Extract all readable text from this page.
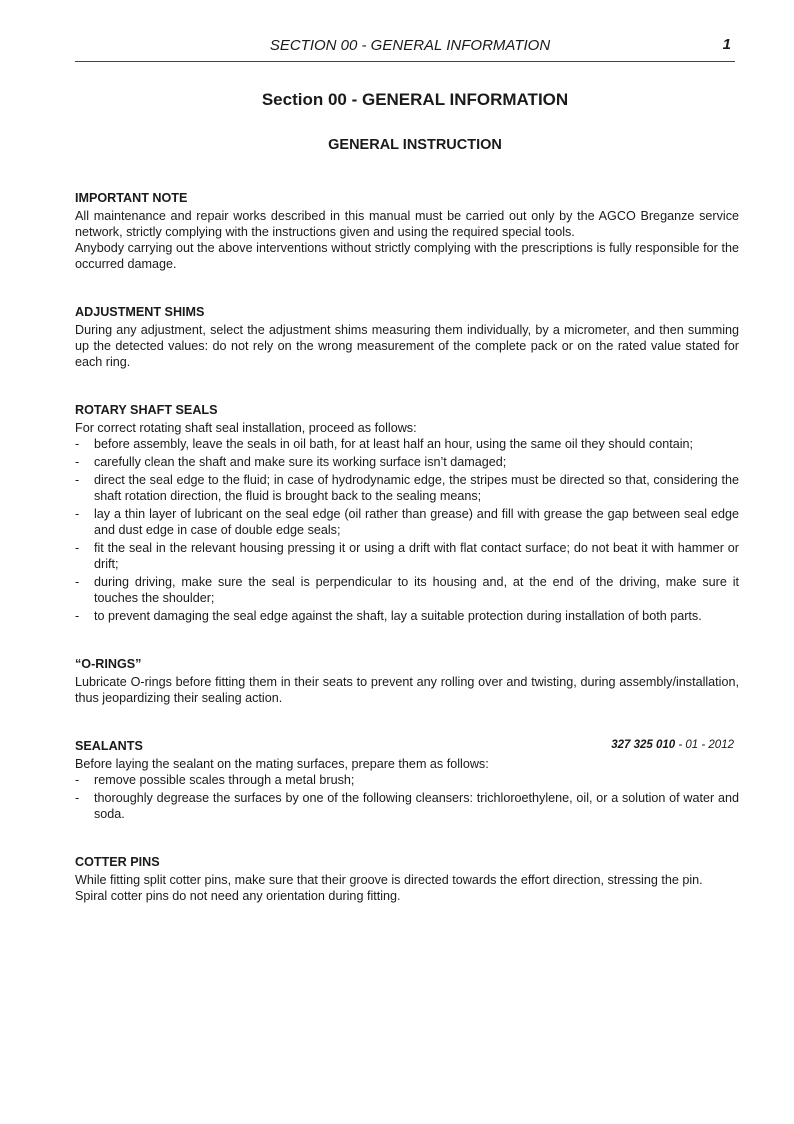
SECTION 00 - GENERAL INFORMATION	1
Section 00 - GENERAL INFORMATION
GENERAL INSTRUCTION
IMPORTANT NOTE

All maintenance and repair works described in this manual must be carried out only by the AGCO Breganze service network, strictly complying with the instructions given and using the required special tools.

Anybody carrying out the above interventions without strictly complying with the prescriptions is fully responsible for the occurred damage.

ADJUSTMENT SHIMS

During any adjustment, select the adjustment shims measuring them individually, by a micrometer, and then summing up the detected values: do not rely on the wrong measurement of the complete pack or on the rated value stated for each ring.

ROTARY SHAFT SEALS

For correct rotating shaft seal installation, proceed as follows:

- before assembly, leave the seals in oil bath, for at least half an hour, using the same oil they should contain;
- carefully clean the shaft and make sure its working surface isn’t damaged;
- direct the seal edge to the fluid; in case of hydrodynamic edge, the stripes must be directed so that, considering the shaft rotation direction, the fluid is brought back to the sealing means;
- lay a thin layer of lubricant on the seal edge (oil rather than grease) and fill with grease the gap between seal edge and dust edge in case of double edge seals;
- fit the seal in the relevant housing pressing it or using a drift with flat contact surface; do not beat it with hammer or drift;
- during driving, make sure the seal is perpendicular to its housing and, at the end of the driving, make sure it touches the shoulder;
- to prevent damaging the seal edge against the shaft, lay a suitable protection during installation of both parts.
“O-RINGS”

Lubricate O-rings before fitting them in their seats to prevent any rolling over and twisting, during assembly/installation, thus jeopardizing their sealing action.

SEALANTS

Before laying the sealant on the mating surfaces, prepare them as follows:

- remove possible scales through a metal brush;
- thoroughly degrease the surfaces by one of the following cleansers: trichloroethylene, oil, or a solution of water and soda.
COTTER PINS

While fitting split cotter pins, make sure that their groove is directed towards the effort direction, stressing the pin.

Spiral cotter pins do not need any orientation during fitting.

327 325 010 - 01 - 2012
